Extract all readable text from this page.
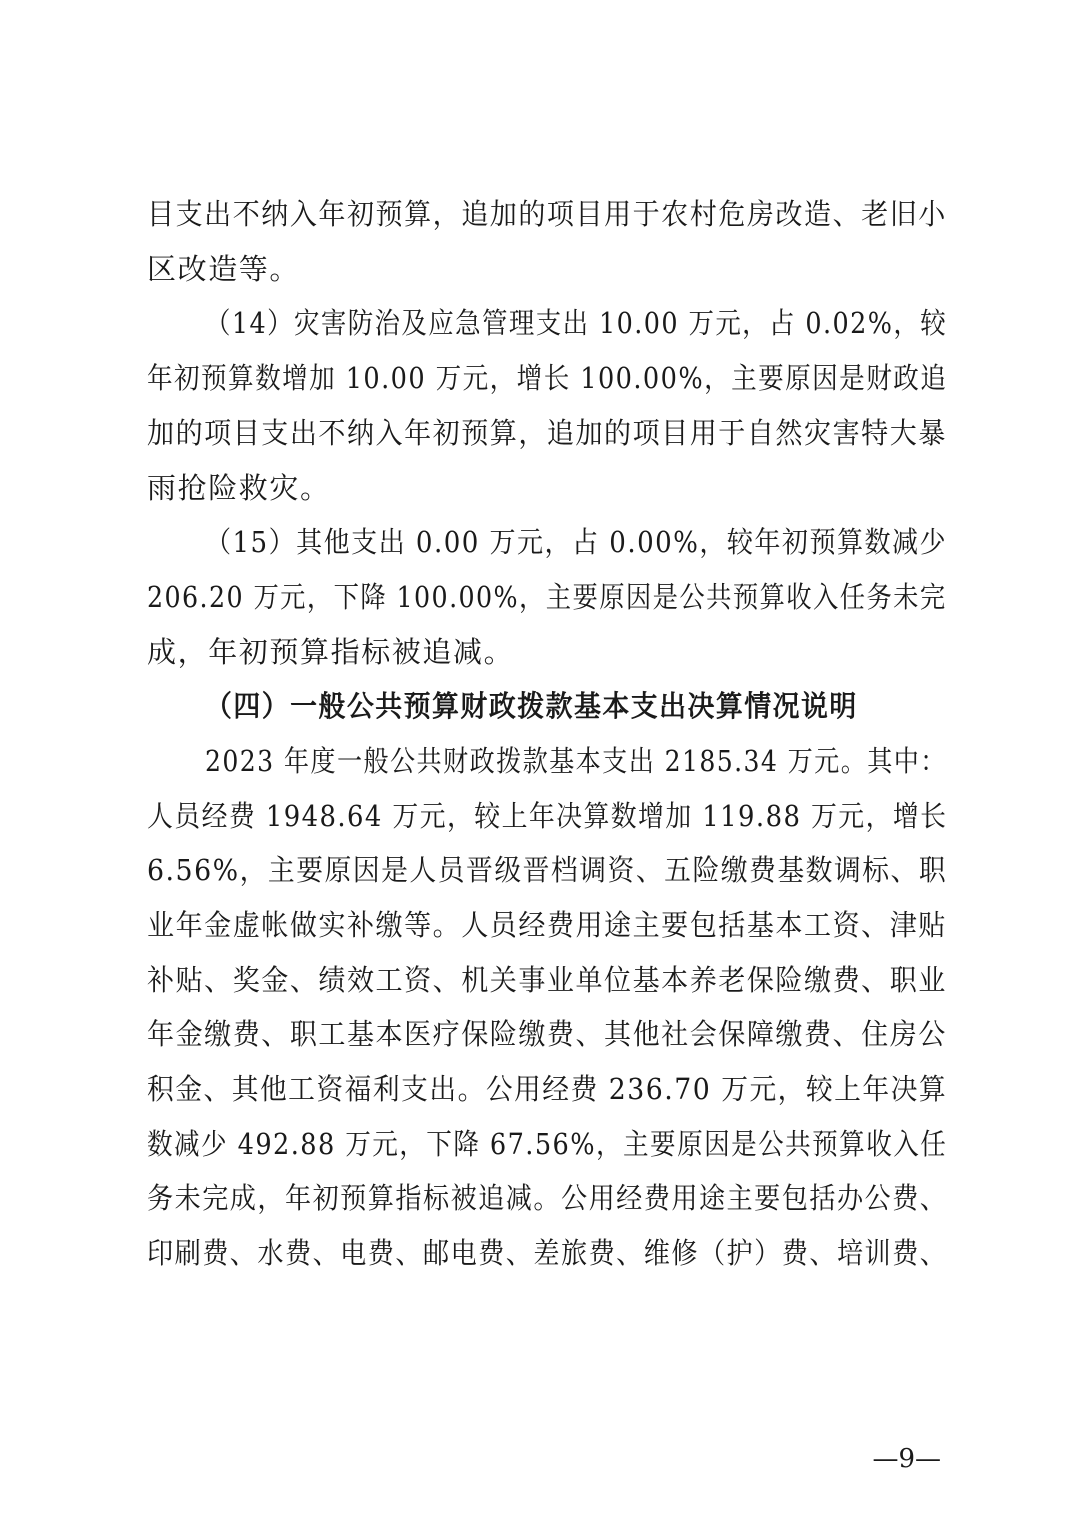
目支出不纳入年初预算，追加的项目用于农村危房改造、老旧小
区改造等。
（14）灾害防治及应急管理支出 10.00 万元，占 0.02%，较
年初预算数增加 10.00 万元，增长 100.00%，主要原因是财政追
加的项目支出不纳入年初预算，追加的项目用于自然灾害特大暴
雨抢险救灾。
（15）其他支出 0.00 万元，占 0.00%，较年初预算数减少
206.20 万元，下降 100.00%，主要原因是公共预算收入任务未完
成，年初预算指标被追减。
（四）一般公共预算财政拨款基本支出决算情况说明
2023 年度一般公共财政拨款基本支出 2185.34 万元。其中：
人员经费 1948.64 万元，较上年决算数增加 119.88 万元，增长
6.56%，主要原因是人员晋级晋档调资、五险缴费基数调标、职
业年金虚帐做实补缴等。人员经费用途主要包括基本工资、津贴
补贴、奖金、绩效工资、机关事业单位基本养老保险缴费、职业
年金缴费、职工基本医疗保险缴费、其他社会保障缴费、住房公
积金、其他工资福利支出。公用经费 236.70 万元，较上年决算
数减少 492.88 万元，下降 67.56%，主要原因是公共预算收入任
务未完成，年初预算指标被追减。公用经费用途主要包括办公费、
印刷费、水费、电费、邮电费、差旅费、维修（护）费、培训费、
—9—
